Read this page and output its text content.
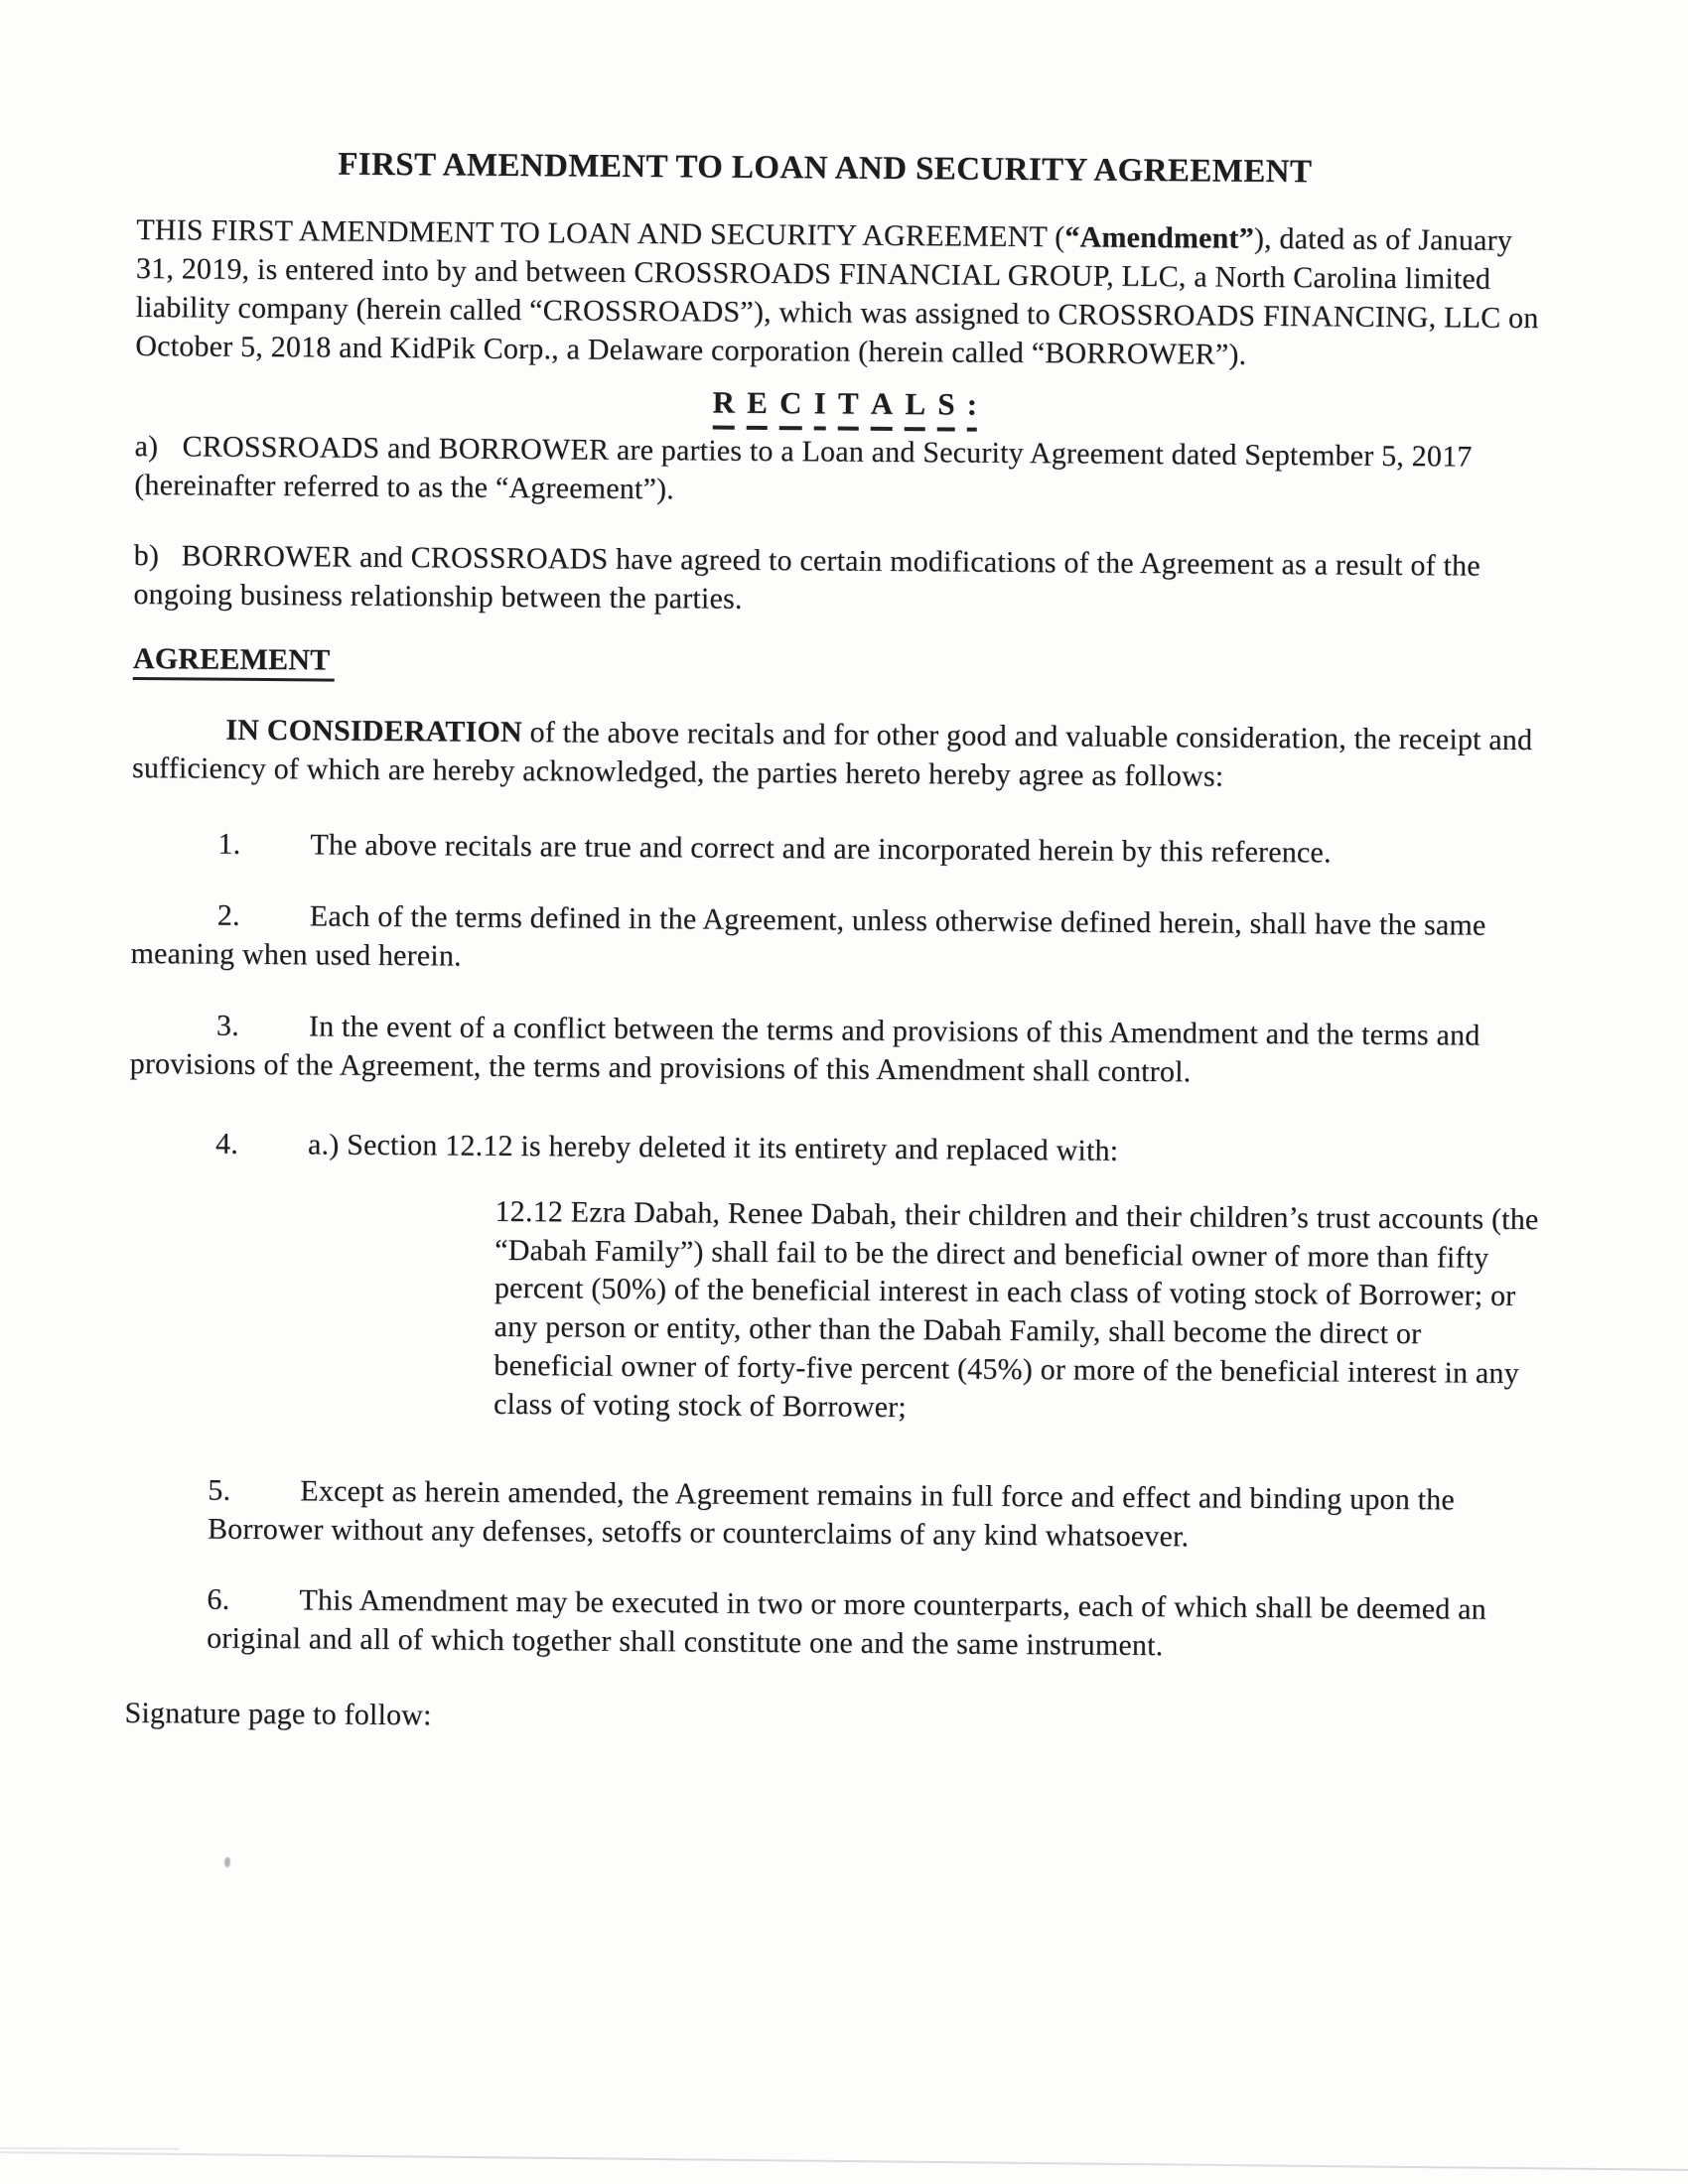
FIRST AMENDMENT TO LOAN AND SECURITY AGREEMENT

THIS FIRST AMENDMENT TO LOAN AND SECURITY AGREEMENT (“Amendment”), dated as of January 31, 2019, is entered into by and between CROSSROADS FINANCIAL GROUP, LLC, a North Carolina limited liability company (herein called “CROSSROADS”), which was assigned to CROSSROADS FINANCING, LLC on October 5, 2018 and KidPik Corp., a Delaware corporation (herein called “BORROWER”).

R E C I T A L S :

a) CROSSROADS and BORROWER are parties to a Loan and Security Agreement dated September 5, 2017 (hereinafter referred to as the “Agreement”).

b) BORROWER and CROSSROADS have agreed to certain modifications of the Agreement as a result of the ongoing business relationship between the parties.

AGREEMENT

IN CONSIDERATION of the above recitals and for other good and valuable consideration, the receipt and sufficiency of which are hereby acknowledged, the parties hereto hereby agree as follows:

1. The above recitals are true and correct and are incorporated herein by this reference.

2. Each of the terms defined in the Agreement, unless otherwise defined herein, shall have the same meaning when used herein.

3. In the event of a conflict between the terms and provisions of this Amendment and the terms and provisions of the Agreement, the terms and provisions of this Amendment shall control.

4. a.) Section 12.12 is hereby deleted it its entirety and replaced with:

12.12 Ezra Dabah, Renee Dabah, their children and their children’s trust accounts (the “Dabah Family”) shall fail to be the direct and beneficial owner of more than fifty percent (50%) of the beneficial interest in each class of voting stock of Borrower; or any person or entity, other than the Dabah Family, shall become the direct or beneficial owner of forty-five percent (45%) or more of the beneficial interest in any class of voting stock of Borrower;

5. Except as herein amended, the Agreement remains in full force and effect and binding upon the Borrower without any defenses, setoffs or counterclaims of any kind whatsoever.

6. This Amendment may be executed in two or more counterparts, each of which shall be deemed an original and all of which together shall constitute one and the same instrument.

Signature page to follow:
